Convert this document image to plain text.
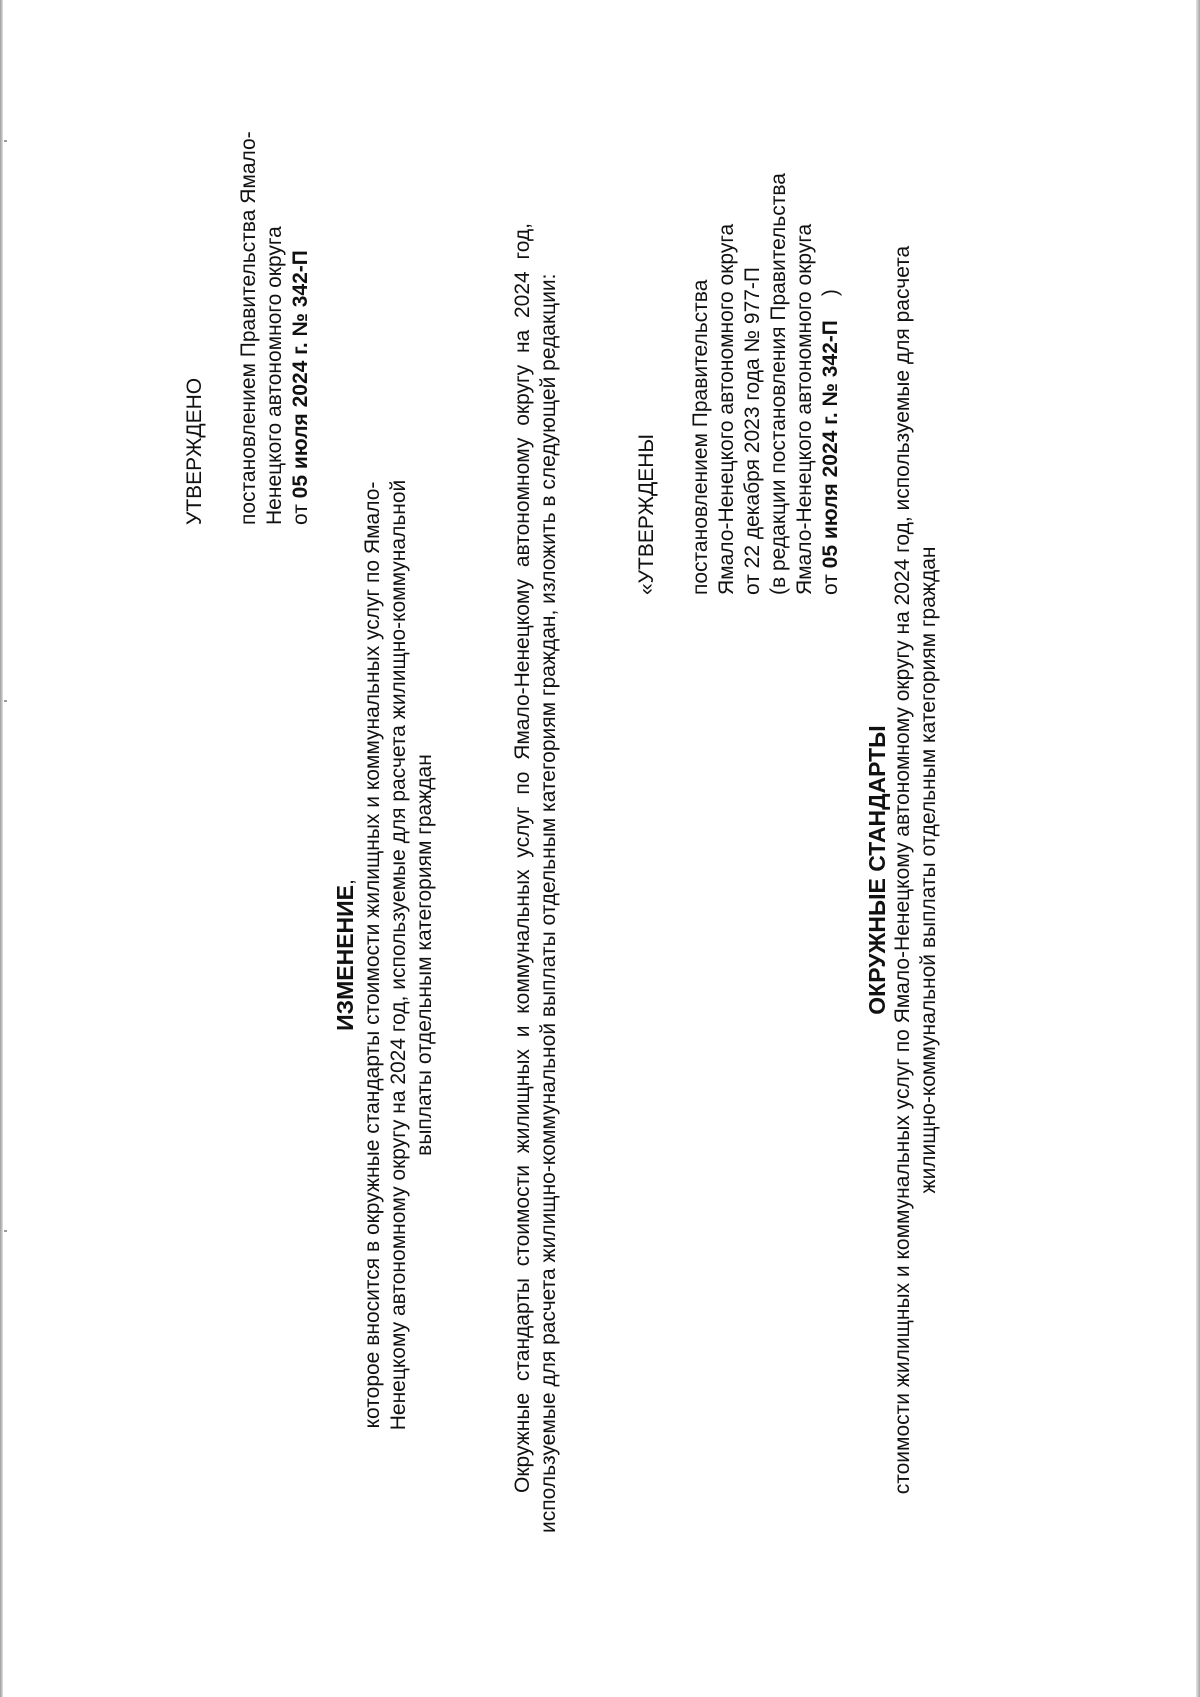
УТВЕРЖДЕНО постановлением Правительства Ямало- Ненецкого автономного округа от 05 июля 2024 г. № 342-П

ИЗМЕНЕНИЕ, которое вносится в окружные стандарты стоимости жилищных и коммунальных услуг по Ямало-Ненецкому автономному округу на 2024 год, используемые для расчета жилищно-коммунальной выплаты отдельным категориям граждан	Окружные стандарты стоимости жилищных и коммунальных услуг по Ямало-Ненецкому автономному округу на 2024 год, используемые для расчета жилищно-коммунальной выплаты отдельным категориям граждан, изложить в следующей редакции:	«УТВЕРЖДЕНЫ постановлением Правительства Ямало-Ненецкого автономного округа от 22 декабря 2023 года № 977-П (в редакции постановления Правительства Ямало-Ненецкого автономного округа от 05 июля 2024 г. № 342-П)

ОКРУЖНЫЕ СТАНДАРТЫ стоимости жилищных и коммунальных услуг по Ямало-Ненецкому автономному округу на 2024 год, используемые для расчета жилищно-коммунальной выплаты отдельным категориям граждан
